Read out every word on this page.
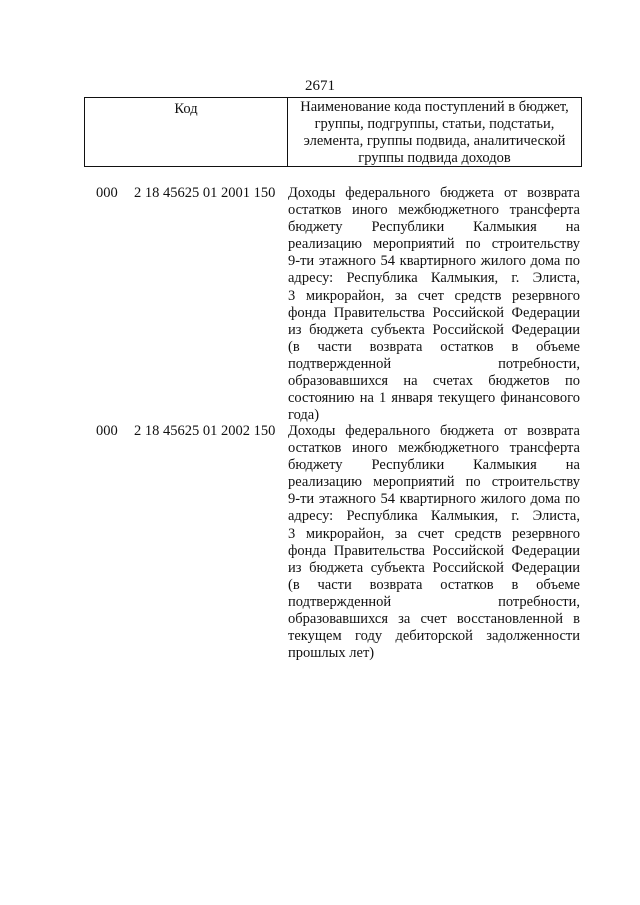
2671
Код	Наименование кода поступлений в бюджет, группы, подгруппы, статьи, подстатьи, элемента, группы подвида, аналитической группы подвида доходов
000 2 18 45625 01 2001 150 Доходы федерального бюджета от возврата
остатков иного межбюджетного трансферта
бюджету Республики Калмыкия на
реализацию мероприятий по строительству
9-ти этажного 54 квартирного жилого дома по
адресу: Республика Калмыкия, г. Элиста,
3 микрорайон, за счет средств резервного
фонда Правительства Российской Федерации
из бюджета субъекта Российской Федерации
(в части возврата остатков в объеме
подтвержденной потребности,
образовавшихся на счетах бюджетов по
состоянию на 1 января текущего финансового
года)
000 2 18 45625 01 2002 150 Доходы федерального бюджета от возврата
остатков иного межбюджетного трансферта
бюджету Республики Калмыкия на
реализацию мероприятий по строительству
9-ти этажного 54 квартирного жилого дома по
адресу: Республика Калмыкия, г. Элиста,
3 микрорайон, за счет средств резервного
фонда Правительства Российской Федерации
из бюджета субъекта Российской Федерации
(в части возврата остатков в объеме
подтвержденной потребности,
образовавшихся за счет восстановленной в
текущем году дебиторской задолженности
прошлых лет)
